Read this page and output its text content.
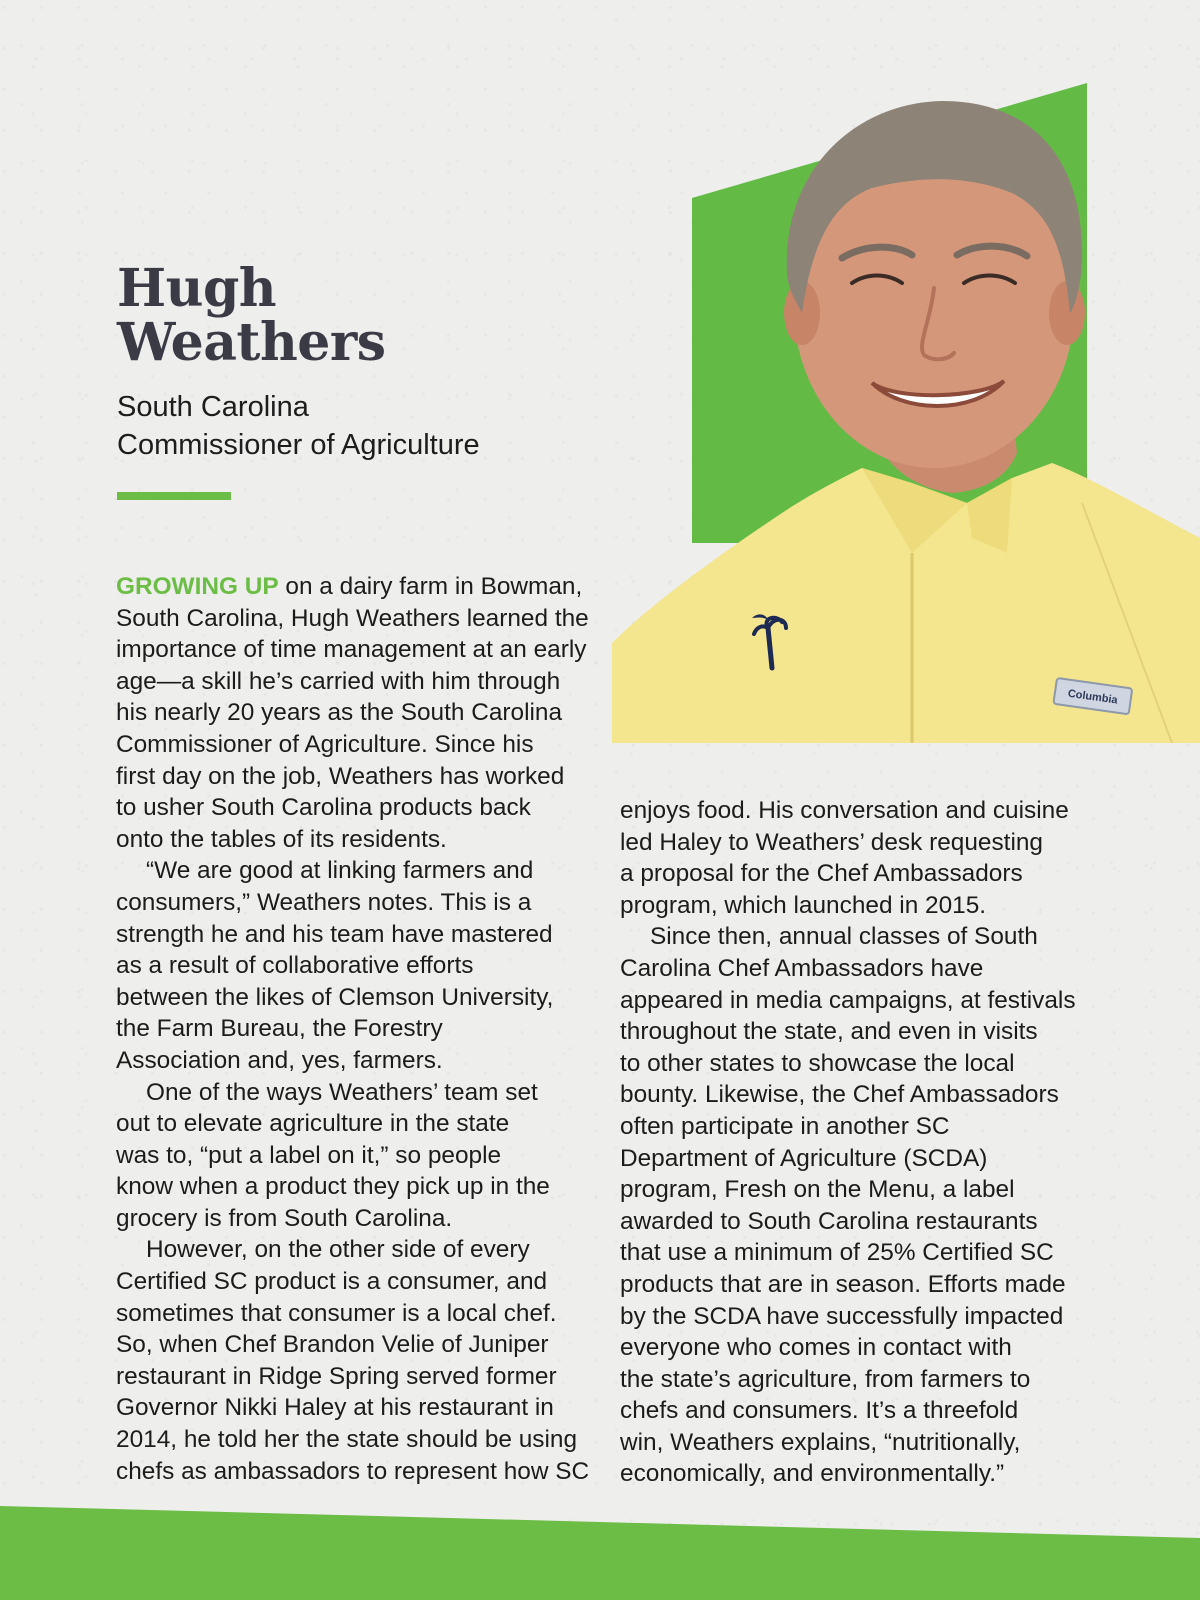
Hugh
Weathers
South Carolina
Commissioner of Agriculture
Columbia
GROWING UP on a dairy farm in Bowman,
South Carolina, Hugh Weathers learned the
importance of time management at an early
age—a skill he’s carried with him through
his nearly 20 years as the South Carolina
Commissioner of Agriculture. Since his
first day on the job, Weathers has worked
to usher South Carolina products back
onto the tables of its residents.
“We are good at linking farmers and
consumers,” Weathers notes. This is a
strength he and his team have mastered
as a result of collaborative efforts
between the likes of Clemson University,
the Farm Bureau, the Forestry
Association and, yes, farmers.
One of the ways Weathers’ team set
out to elevate agriculture in the state
was to, “put a label on it,” so people
know when a product they pick up in the
grocery is from South Carolina.
However, on the other side of every
Certified SC product is a consumer, and
sometimes that consumer is a local chef.
So, when Chef Brandon Velie of Juniper
restaurant in Ridge Spring served former
Governor Nikki Haley at his restaurant in
2014, he told her the state should be using
chefs as ambassadors to represent how SC
enjoys food. His conversation and cuisine
led Haley to Weathers’ desk requesting
a proposal for the Chef Ambassadors
program, which launched in 2015.
Since then, annual classes of South
Carolina Chef Ambassadors have
appeared in media campaigns, at festivals
throughout the state, and even in visits
to other states to showcase the local
bounty. Likewise, the Chef Ambassadors
often participate in another SC
Department of Agriculture (SCDA)
program, Fresh on the Menu, a label
awarded to South Carolina restaurants
that use a minimum of 25% Certified SC
products that are in season. Efforts made
by the SCDA have successfully impacted
everyone who comes in contact with
the state’s agriculture, from farmers to
chefs and consumers. It’s a threefold
win, Weathers explains, “nutritionally,
economically, and environmentally.”
